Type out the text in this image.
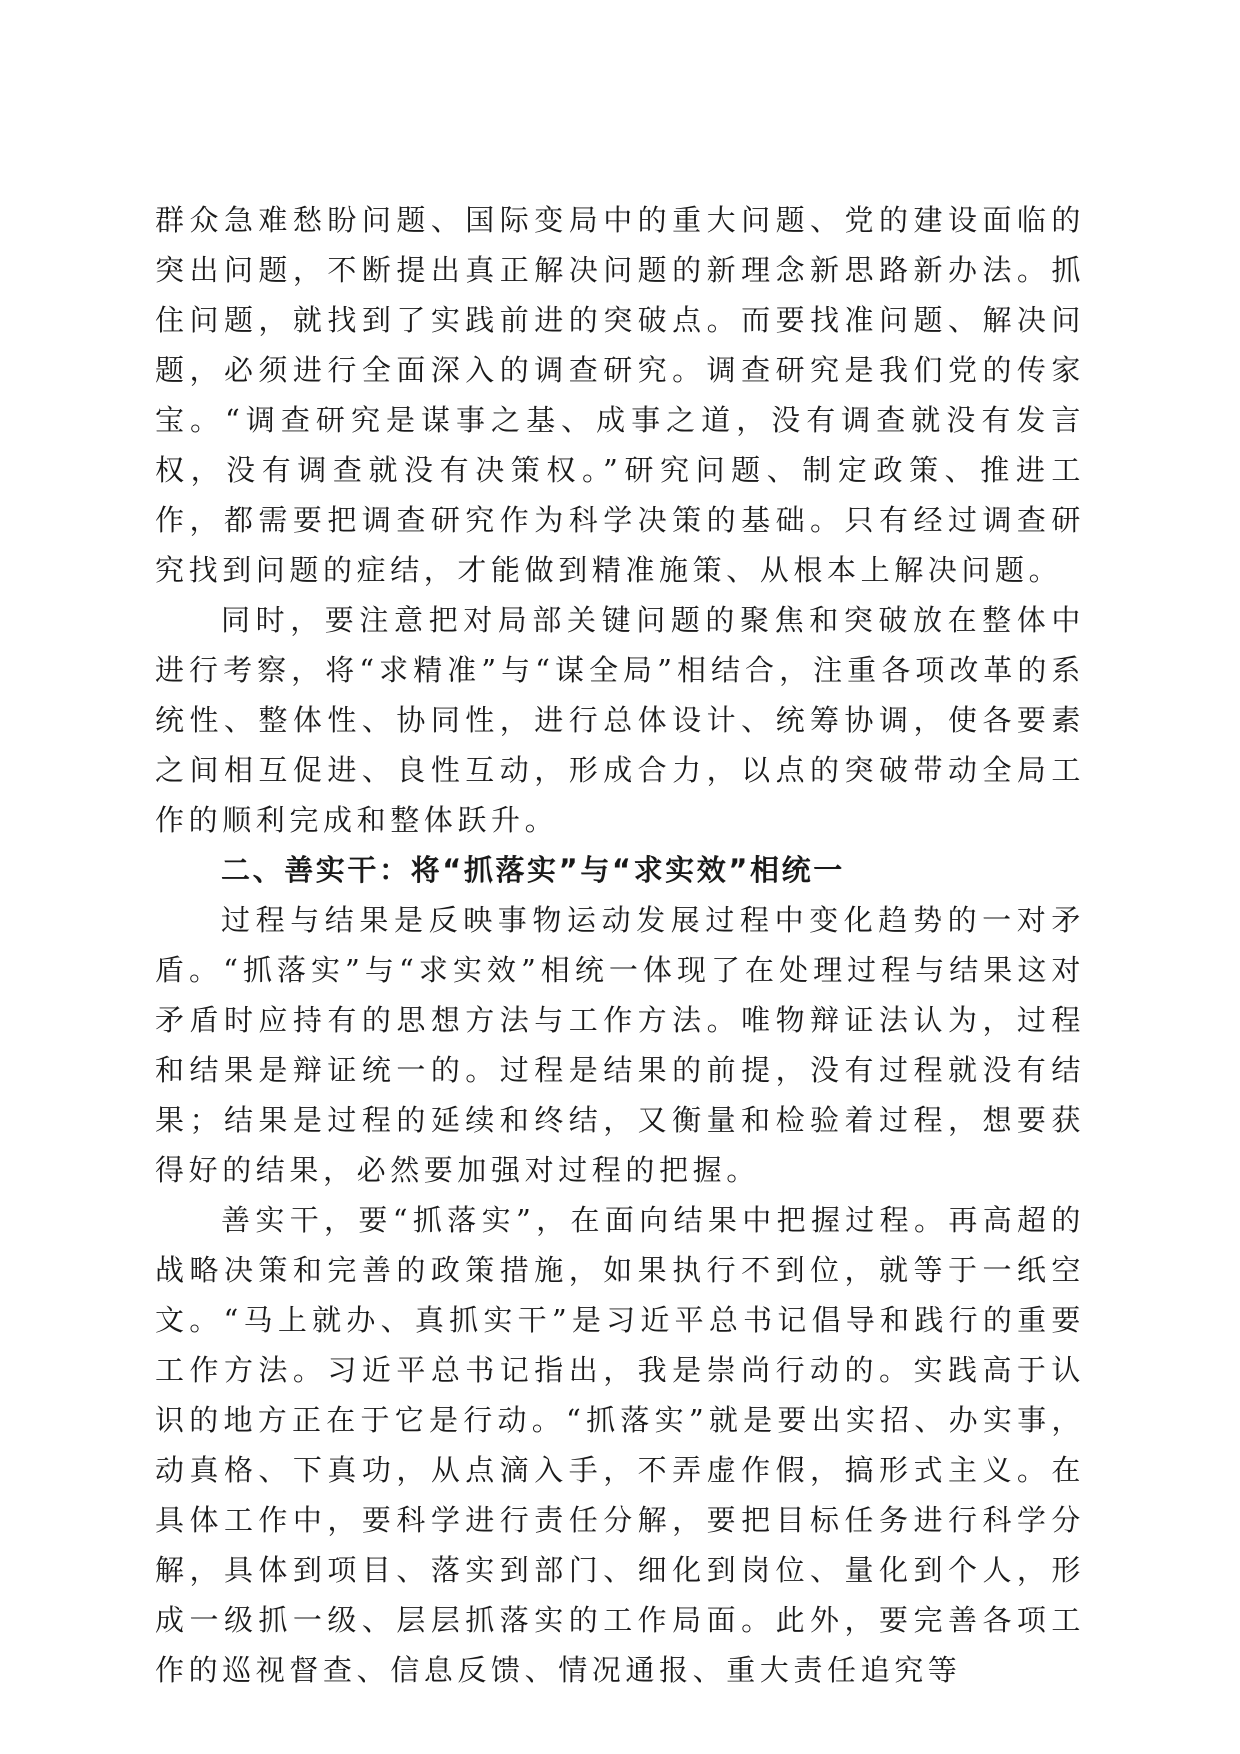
群众急难愁盼问题、国际变局中的重大问题、党的建设面临的突出问题，不断提出真正解决问题的新理念新思路新办法。抓住问题，就找到了实践前进的突破点。而要找准问题、解决问题，必须进行全面深入的调查研究。调查研究是我们党的传家宝。“调查研究是谋事之基、成事之道，没有调查就没有发言权，没有调查就没有决策权。”研究问题、制定政策、推进工作，都需要把调查研究作为科学决策的基础。只有经过调查研究找到问题的症结，才能做到精准施策、从根本上解决问题。

同时，要注意把对局部关键问题的聚焦和突破放在整体中进行考察，将“求精准”与“谋全局”相结合，注重各项改革的系统性、整体性、协同性，进行总体设计、统筹协调，使各要素之间相互促进、良性互动，形成合力，以点的突破带动全局工作的顺利完成和整体跃升。

二、善实干：将“抓落实”与“求实效”相统一

过程与结果是反映事物运动发展过程中变化趋势的一对矛盾。“抓落实”与“求实效”相统一体现了在处理过程与结果这对矛盾时应持有的思想方法与工作方法。唯物辩证法认为，过程和结果是辩证统一的。过程是结果的前提，没有过程就没有结果；结果是过程的延续和终结，又衡量和检验着过程，想要获得好的结果，必然要加强对过程的把握。

善实干，要“抓落实”，在面向结果中把握过程。再高超的战略决策和完善的政策措施，如果执行不到位，就等于一纸空文。“马上就办、真抓实干”是习近平总书记倡导和践行的重要工作方法。习近平总书记指出，我是崇尚行动的。实践高于认识的地方正在于它是行动。“抓落实”就是要出实招、办实事，动真格、下真功，从点滴入手，不弄虚作假，搞形式主义。在具体工作中，要科学进行责任分解，要把目标任务进行科学分解，具体到项目、落实到部门、细化到岗位、量化到个人，形成一级抓一级、层层抓落实的工作局面。此外，要完善各项工作的巡视督查、信息反馈、情况通报、重大责任追究等
